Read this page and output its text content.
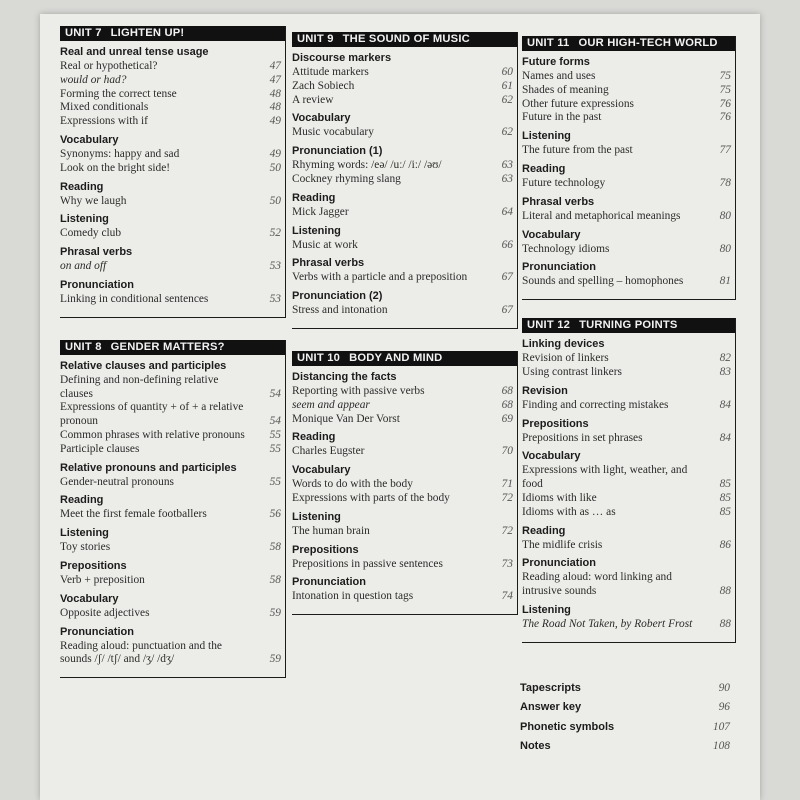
UNIT 7 LIGHTEN UP!
Real and unreal tense usage
Real or hypothetical?	47
would or had?	47
Forming the correct tense	48
Mixed conditionals	48
Expressions with if	49
Vocabulary
Synonyms: happy and sad	49
Look on the bright side!	50
Reading
Why we laugh	50
Listening
Comedy club	52
Phrasal verbs
on and off	53
Pronunciation
Linking in conditional sentences	53
UNIT 8 GENDER MATTERS?
Relative clauses and participles
Defining and non-defining relative clauses	54
Expressions of quantity + of + a relative pronoun	54
Common phrases with relative pronouns	55
Participle clauses	55
Relative pronouns and participles
Gender-neutral pronouns	55
Reading
Meet the first female footballers	56
Listening
Toy stories	58
Prepositions
Verb + preposition	58
Vocabulary
Opposite adjectives	59
Pronunciation
Reading aloud: punctuation and the sounds /ʃ/ /tʃ/ and /ʒ/ /dʒ/	59
UNIT 9 THE SOUND OF MUSIC
Discourse markers
Attitude markers	60
Zach Sobiech	61
A review	62
Vocabulary
Music vocabulary	62
Pronunciation (1)
Rhyming words: /eə/ /uː/ /iː/ /əʊ/	63
Cockney rhyming slang	63
Reading
Mick Jagger	64
Listening
Music at work	66
Phrasal verbs
Verbs with a particle and a preposition	67
Pronunciation (2)
Stress and intonation	67
UNIT 10 BODY AND MIND
Distancing the facts
Reporting with passive verbs	68
seem and appear	68
Monique Van Der Vorst	69
Reading
Charles Eugster	70
Vocabulary
Words to do with the body	71
Expressions with parts of the body	72
Listening
The human brain	72
Prepositions
Prepositions in passive sentences	73
Pronunciation
Intonation in question tags	74
UNIT 11 OUR HIGH-TECH WORLD
Future forms
Names and uses	75
Shades of meaning	75
Other future expressions	76
Future in the past	76
Listening
The future from the past	77
Reading
Future technology	78
Phrasal verbs
Literal and metaphorical meanings	80
Vocabulary
Technology idioms	80
Pronunciation
Sounds and spelling – homophones	81
UNIT 12 TURNING POINTS
Linking devices
Revision of linkers	82
Using contrast linkers	83
Revision
Finding and correcting mistakes	84
Prepositions
Prepositions in set phrases	84
Vocabulary
Expressions with light, weather, and food	85
Idioms with like	85
Idioms with as … as	85
Reading
The midlife crisis	86
Pronunciation
Reading aloud: word linking and intrusive sounds	88
Listening
The Road Not Taken, by Robert Frost	88
Tapescripts	90
Answer key	96
Phonetic symbols	107
Notes	108
